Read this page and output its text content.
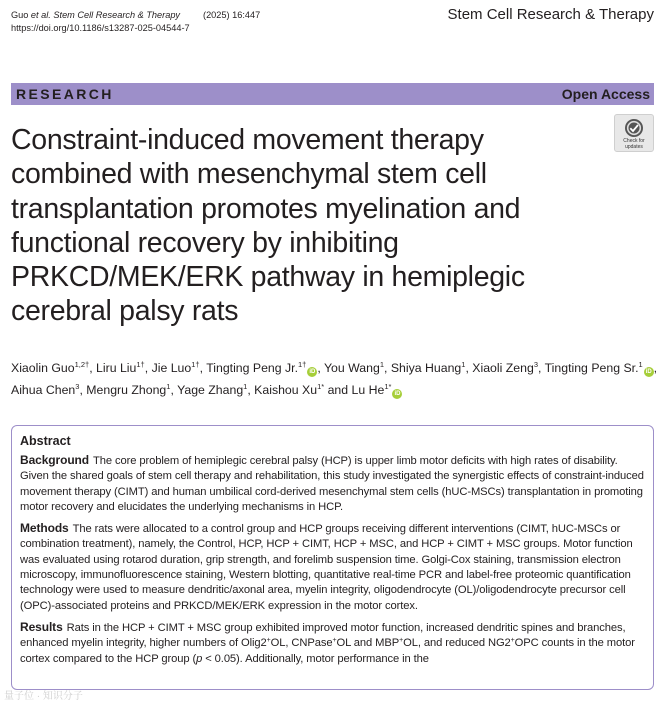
Guo et al. Stem Cell Research & Therapy (2025) 16:447
https://doi.org/10.1186/s13287-025-04544-7
Stem Cell Research & Therapy
RESEARCH	Open Access
Constraint-induced movement therapy combined with mesenchymal stem cell transplantation promotes myelination and functional recovery by inhibiting PRKCD/MEK/ERK pathway in hemiplegic cerebral palsy rats
Check for
updates
Xiaolin Guo$^{1,2\dagger}$, Liru Liu$^{1\dagger}$, Jie Luo$^{1\dagger}$, Tingting Peng Jr.$^{1\dagger}$iD , You Wang$^1$, Shiya Huang$^1$, Xiaoli Zeng$^3$, Tingting Peng Sr.$^1$iD , Aihua Chen$^3$, Mengru Zhong$^1$, Yage Zhang$^1$, Kaishou $Xu^{1*}$ and Lu $He^{1*}iD$
Abstract

Background The core problem of hemiplegic cerebral palsy (HCP) is upper limb motor deficits with high rates of disability. Given the shared goals of stem cell therapy and rehabilitation, this study investigated the synergistic effects of constraint-induced movement therapy (CIMT) and human umbilical cord-derived mesenchymal stem cells (hUC-MSCs) transplantation in promoting motor recovery and elucidates the underlying mechanisms in HCP.

Methods The rats were allocated to a control group and HCP groups receiving different interventions (CIMT, hUC-MSCs or combination treatment), namely, the Control, HCP, HCP + CIMT, HCP + MSC, and HCP + CIMT + MSC groups. Motor function was evaluated using rotarod duration, grip strength, and forelimb suspension time. Golgi-Cox staining, transmission electron microscopy, immunofluorescence staining, Western blotting, quantitative real-time PCR and label-free proteomic quantification technology were used to measure dendritic/axonal area, myelin integrity, oligodendrocyte (OL)/oligodendrocyte precursor cell (OPC)-associated proteins and PRKCD/MEK/ERK expression in the motor cortex.

Results Rats in the HCP + CIMT + MSC group exhibited improved motor function, increased dendritic spines and branches, enhanced myelin integrity, higher numbers of Olig2+OL, CNPase+OL and MBP+OL, and reduced NG2+OPC counts in the motor cortex compared to the HCP group (p < 0.05). Additionally, motor performance in the

量子位 · 知识分子
